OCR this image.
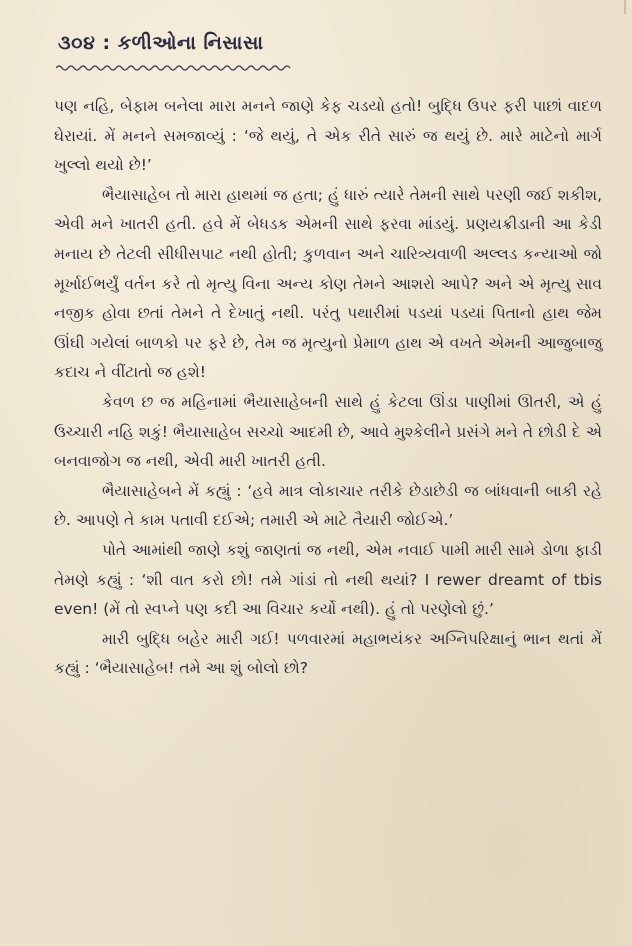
૩૦૪ : કળીઓના નિસાસા

પણ નહિ, બેફામ બનેલા મારા મનને જાણે કેફ ચડયો હતો! બુદ્ધિ ઉપર ફરી પાછાં વાદળ ઘેરાયાં. મેં મનને સમજાવ્યું : ‘જે થયું, તે એક રીતે સારું જ થયું છે. મારે માટેનો માર્ગ ખુલ્લો થયો છે!’

ભૈયાસાહેબ તો મારા હાથમાં જ હતા; હું ધારું ત્યારે તેમની સાથે પરણી જઈ શકીશ, એવી મને ખાતરી હતી. હવે મેં બેધડક એમની સાથે ફરવા માંડયું. પ્રણયક્રીડાની આ કેડી મનાય છે તેટલી સીધીસપાટ નથી હોતી; કુળવાન અને ચારિત્ર્યવાળી અલ્લડ કન્યાઓ જો મૂર્ખાઈભર્યું વર્તન કરે તો મૃત્યુ વિના અન્ય કોણ તેમને આશરો આપે? અને એ મૃત્યુ સાવ નજીક હોવા છતાં તેમને તે દેખાતું નથી. પરંતુ પથારીમાં પડયાં પડયાં પિતાનો હાથ જેમ ઊંઘી ગયેલાં બાળકો પર ફરે છે, તેમ જ મૃત્યુનો પ્રેમાળ હાથ એ વખતે એમની આજુબાજુ કદાચ ને વીંટાતો જ હશે!

કેવળ છ જ મહિનામાં ભૈયાસાહેબની સાથે હું કેટલા ઊંડા પાણીમાં ઊતરી, એ હું ઉચ્ચારી નહિ શકું! ભૈયાસાહેબ સચ્ચો આદમી છે, આવે મુશ્કેલીને પ્રસંગે મને તે છોડી દે એ બનવાજોગ જ નથી, એવી મારી ખાતરી હતી.

ભૈયાસાહેબને મેં કહ્યું : ‘હવે માત્ર લોકાચાર તરીકે છેડાછેડી જ બાંધવાની બાકી રહે છે. આપણે તે કામ પતાવી દઈએ; તમારી એ માટે તૈયારી જોઈએ.’

પોતે આમાંથી જાણે કશું જાણતાં જ નથી, એમ નવાઈ પામી મારી સામે ડોળા ફાડી તેમણે કહ્યું : ‘શી વાત કરો છો! તમે ગાંડાં તો નથી થયાં? I rewer dreamt of tbis even! (મેં તો સ્વપ્ને પણ કદી આ વિચાર કર્યો નથી). હું તો પરણેલો છું.’

મારી બુદ્ધિ બહેર મારી ગઈ! પળવારમાં મહાભયંકર અગ્નિપરિક્ષાનું ભાન થતાં મેં કહ્યું : ‘ભૈયાસાહેબ! તમે આ શું બોલો છો?
